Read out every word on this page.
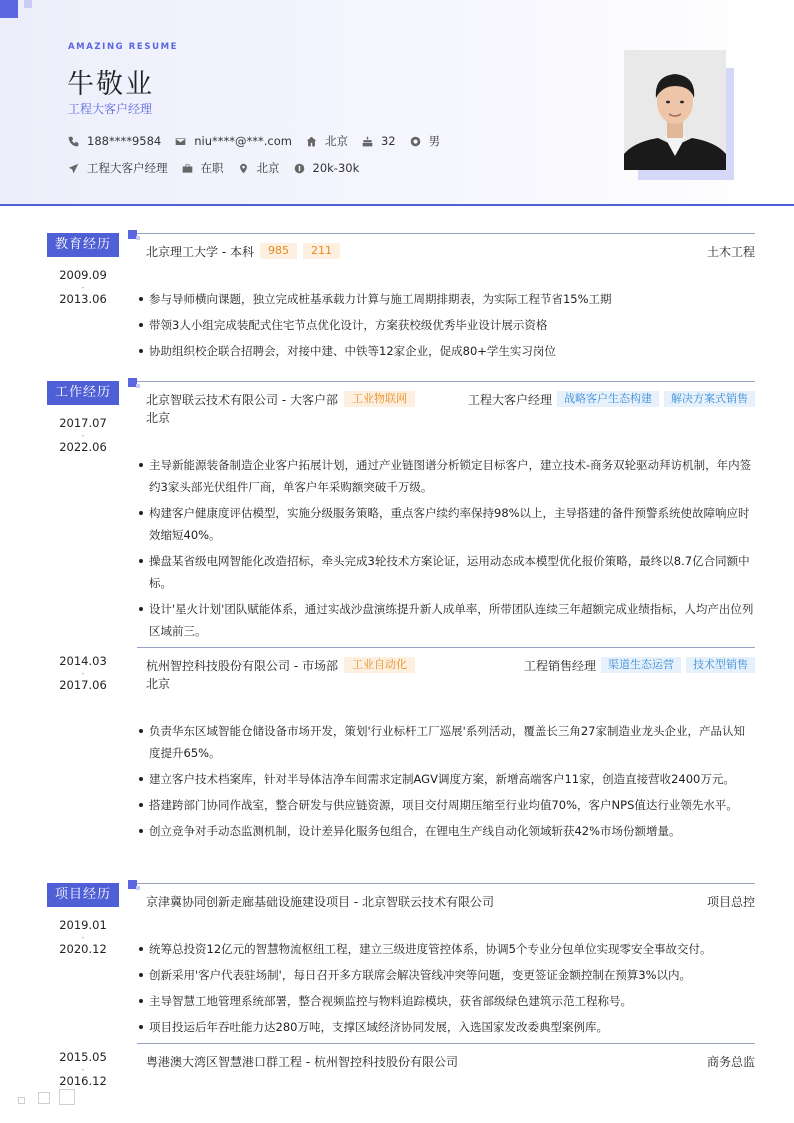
AMAZING RESUME
牛敬业
工程大客户经理
188****9584	niu****@***.com	北京	32	男
工程大客户经理	在职	北京	20k-30k
教育经历
2009.09
-
2013.06
北京理工大学 - 本科	985	211	土木工程
参与导师横向课题，独立完成桩基承载力计算与施工周期排期表，为实际工程节省15%工期
带领3人小组完成装配式住宅节点优化设计，方案获校级优秀毕业设计展示资格
协助组织校企联合招聘会，对接中建、中铁等12家企业，促成80+学生实习岗位
工作经历
2017.07
-
2022.06
北京智联云技术有限公司 - 大客户部	工业物联网	工程大客户经理	战略客户生态构建	解决方案式销售
北京
主导新能源装备制造企业客户拓展计划，通过产业链图谱分析锁定目标客户，建立技术-商务双轮驱动拜访机制，年内签约3家头部光伏组件厂商，单客户年采购额突破千万级。
构建客户健康度评估模型，实施分级服务策略，重点客户续约率保持98%以上，主导搭建的备件预警系统使故障响应时效缩短40%。
操盘某省级电网智能化改造招标，牵头完成3轮技术方案论证，运用动态成本模型优化报价策略，最终以8.7亿合同额中标。
设计'星火计划'团队赋能体系，通过实战沙盘演练提升新人成单率，所带团队连续三年超额完成业绩指标，人均产出位列区域前三。
2014.03
-
2017.06
杭州智控科技股份有限公司 - 市场部	工业自动化	工程销售经理	渠道生态运营	技术型销售
北京
负责华东区域智能仓储设备市场开发，策划'行业标杆工厂巡展'系列活动，覆盖长三角27家制造业龙头企业，产品认知度提升65%。
建立客户技术档案库，针对半导体洁净车间需求定制AGV调度方案，新增高端客户11家，创造直接营收2400万元。
搭建跨部门协同作战室，整合研发与供应链资源，项目交付周期压缩至行业均值70%，客户NPS值达行业领先水平。
创立竞争对手动态监测机制，设计差异化服务包组合，在锂电生产线自动化领域斩获42%市场份额增量。
项目经历
2019.01
-
2020.12
京津冀协同创新走廊基础设施建设项目 - 北京智联云技术有限公司	项目总控
统筹总投资12亿元的智慧物流枢纽工程，建立三级进度管控体系，协调5个专业分包单位实现零安全事故交付。
创新采用'客户代表驻场制'，每日召开多方联席会解决管线冲突等问题，变更签证金额控制在预算3%以内。
主导智慧工地管理系统部署，整合视频监控与物料追踪模块，获省部级绿色建筑示范工程称号。
项目投运后年吞吐能力达280万吨，支撑区域经济协同发展，入选国家发改委典型案例库。
2015.05
-
2016.12
粤港澳大湾区智慧港口群工程 - 杭州智控科技股份有限公司	商务总监
